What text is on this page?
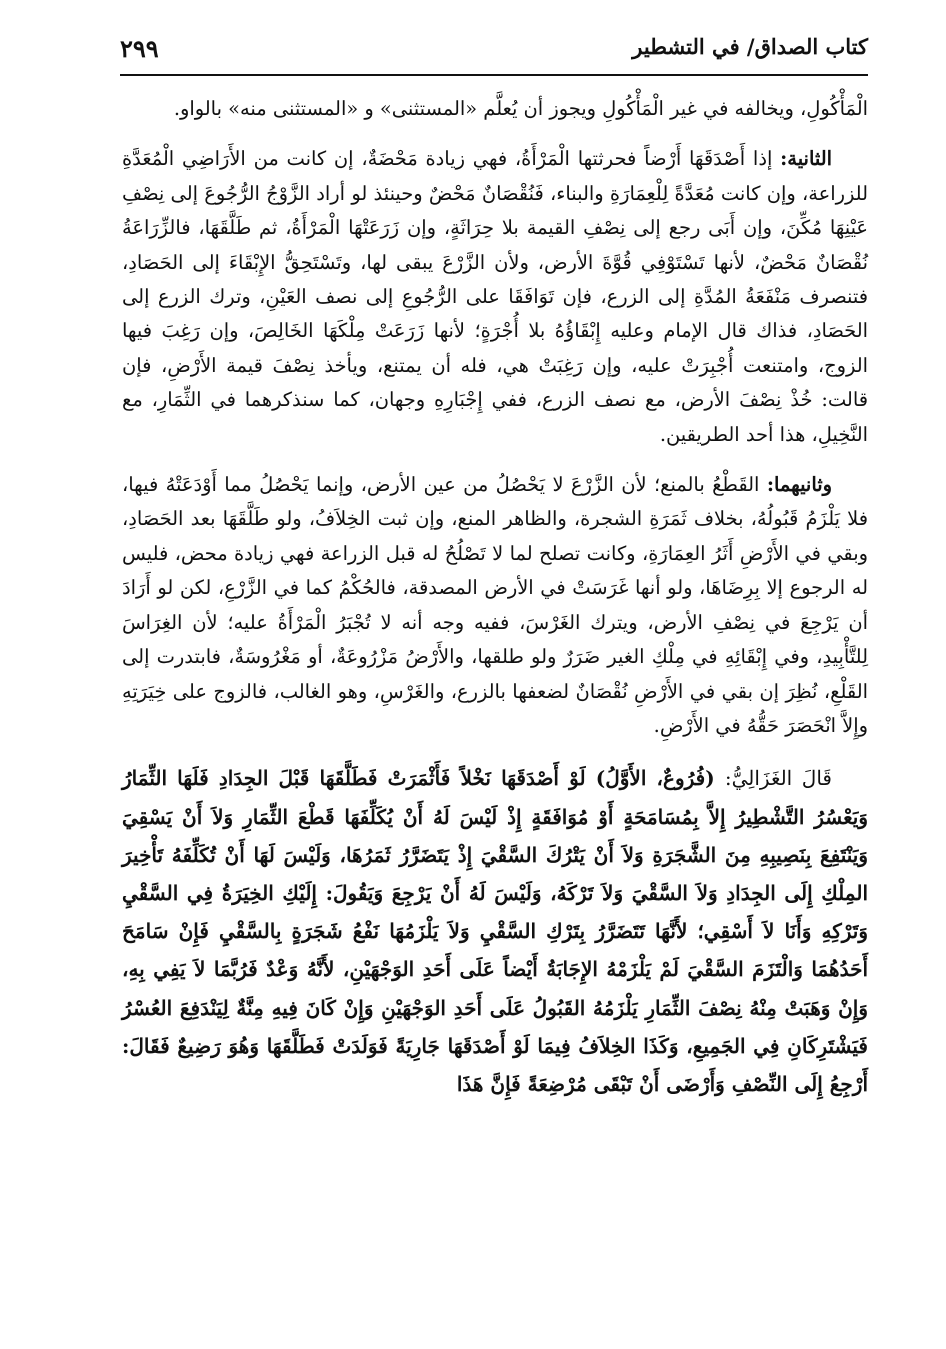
كتاب الصداق/ في التشطير
٢٩٩

الْمَأْكُولِ، ويخالفه في غير الْمَأْكُولِ ويجوز أن يُعلَّم «المستثنى» و «المستثنى منه» بالواو.

الثانية: إذا أَصْدَقَهَا أَرْضاً فحرثتها الْمَرْأَةُ، فهي زيادة مَحْضَةٌ، إن كانت من الأَرَاضِي الْمُعَدَّةِ للزراعة، وإن كانت مُعَدَّةً لِلْعِمَارَةِ والبناء، فَنُقْصَانٌ مَحْضٌ وحينئذ لو أراد الزَّوْجُ الرُّجُوعَ إلى نِصْفِ عَيْنِهَا مُكِّنَ، وإن أَبَى رجع إلى نِصْفِ القيمة بلا حِرَاثَةٍ، وإن زَرَعَتْهَا الْمَرْأَةُ، ثم طَلَّقَهَا، فالزِّرَاعَةُ نُقْصَانٌ مَحْضٌ، لأنها تَسْتَوْفِي قُوَّةَ الأرض، ولأن الزَّرْعَ يبقى لها، وتَسْتَحِقُّ الإِبْقَاءَ إلى الحَصَادِ، فتنصرف مَنْفَعَةُ المُدَّةِ إلى الزرع، فإن تَوَافَقَا على الرُّجُوعِ إلى نصف العَيْنِ، وترك الزرع إلى الحَصَادِ، فذاك قال الإمام وعليه إِبْقَاؤُهُ بلا أُجْرَةٍ؛ لأنها زَرَعَتْ مِلْكَهَا الخَالِصَ، وإن رَغِبَ فيها الزوج، وامتنعت أُجْبِرَتْ عليه، وإن رَغِبَتْ هي، فله أن يمتنع، ويأخذ نِصْفَ قيمة الأَرْضِ، فإن قالت: خُذْ نِصْفَ الأرض، مع نصف الزرع، ففي إِجْبَارِهِ وجهان، كما سنذكرهما في الثِّمَارِ، مع النَّخِيلِ، هذا أحد الطريقين.

وثانيهما: القَطْعُ بالمنع؛ لأن الزَّرْعَ لا يَحْصُلُ من عين الأرض، وإنما يَحْصُلُ مما أَوْدَعَتْهُ فيها، فلا يَلْزَمُ قَبُولُهُ، بخلاف ثَمَرَةِ الشجرة، والظاهر المنع، وإن ثبت الخِلاَفُ، ولو طَلَّقَهَا بعد الحَصَادِ، وبقي في الأَرْضِ أَثَرُ العِمَارَةِ، وكانت تصلح لما لا تَصْلُحُ له قبل الزراعة فهي زيادة محض، فليس له الرجوع إلا بِرِضَاهَا، ولو أنها غَرَسَتْ في الأرض المصدقة، فالحُكْمُ كما في الزَّرْعِ، لكن لو أَرَادَ أن يَرْجِعَ في نِصْفِ الأرض، ويترك الغَرْسَ، ففيه وجه أنه لا تُجْبَرُ الْمَرْأَةُ عليه؛ لأن الغِرَاسَ لِلتَّأْبِيدِ، وفي إِبْقَائِهِ في مِلْكِ الغير ضَرَرٌ ولو طلقها، والأَرْضُ مَزْرُوعَةٌ، أو مَغْرُوسَةٌ، فابتدرت إلى القَلْعِ، نُظِرَ إن بقي في الأَرْضِ نُقْصَانٌ لضعفها بالزرع، والغَرْسِ، وهو الغالب، فالزوج على خِيَرَتِهِ وإِلاَّ انْحَصَرَ حَقُّهُ في الأَرْضِ.

قَالَ الغَزَالِيُّ: (فُرُوعٌ، الأَوَّلُ) لَوْ أَصْدَقَهَا نَخْلاً فَأَثْمَرَتْ فَطَلَّقَهَا قَبْلَ الجِدَادِ فَلَهَا الثِّمَارُ وَيَعْسُرُ التَّشْطِيرُ إِلاَّ بِمُسَامَحَةٍ أَوْ مُوَافَقَةٍ إِذْ لَيْسَ لَهُ أَنْ يُكَلِّفَهَا قَطْعَ الثِّمَارِ وَلاَ أَنْ يَسْقِيَ وَيَنْتَفِعَ بِنَصِيبِهِ مِنَ الشَّجَرَةِ وَلاَ أَنْ يَتْرُكَ السَّقْيَ إِذْ يَتَضَرَّرُ ثَمَرُهَا، وَلَيْسَ لَهَا أَنْ تُكَلِّفَهُ تَأْخِيرَ المِلْكِ إِلَى الجِدَادِ وَلاَ السَّقْيَ وَلاَ تَرْكَهُ، وَلَيْسَ لَهُ أَنْ يَرْجِعَ وَيَقُولَ: إِلَيْكِ الخِيَرَةُ فِي السَّقْيِ وَتَرْكِهِ وَأَنَا لاَ أَسْقِي؛ لأَنَّهَا تَتَضَرَّرُ بِتَرْكِ السَّقْيِ وَلاَ يَلْزَمُهَا نَفْعُ شَجَرَةٍ بِالسَّقْيِ فَإِنْ سَامَحَ أَحَدُهُمَا وَالْتَزَمَ السَّقْيَ لَمْ يَلْزَمْهُ الإِجَابَةُ أَيْضاً عَلَى أَحَدِ الوَجْهَيْنِ، لأَنَّهُ وَعْدٌ فَرُبَّمَا لاَ يَفِي بِهِ، وَإِنْ وَهَبَتْ مِنْهُ نِصْفَ الثِّمَارِ يَلْزَمُهُ القَبُولُ عَلَى أَحَدِ الوَجْهَيْنِ وَإِنْ كَانَ فِيهِ مِنَّةٌ لِيَنْدَفِعَ العُسْرُ فَيَشْتَرِكَانِ فِي الجَمِيعِ، وَكَذَا الخِلاَفُ فِيمَا لَوْ أَصْدَقَهَا جَارِيَةً فَوَلَدَتْ فَطَلَّقَهَا وَهُوَ رَضِيعٌ فَقَالَ: أَرْجِعُ إِلَى النِّصْفِ وَأَرْضَى أَنْ تَبْقَى مُرْضِعَةً فَإِنَّ هَذَا
